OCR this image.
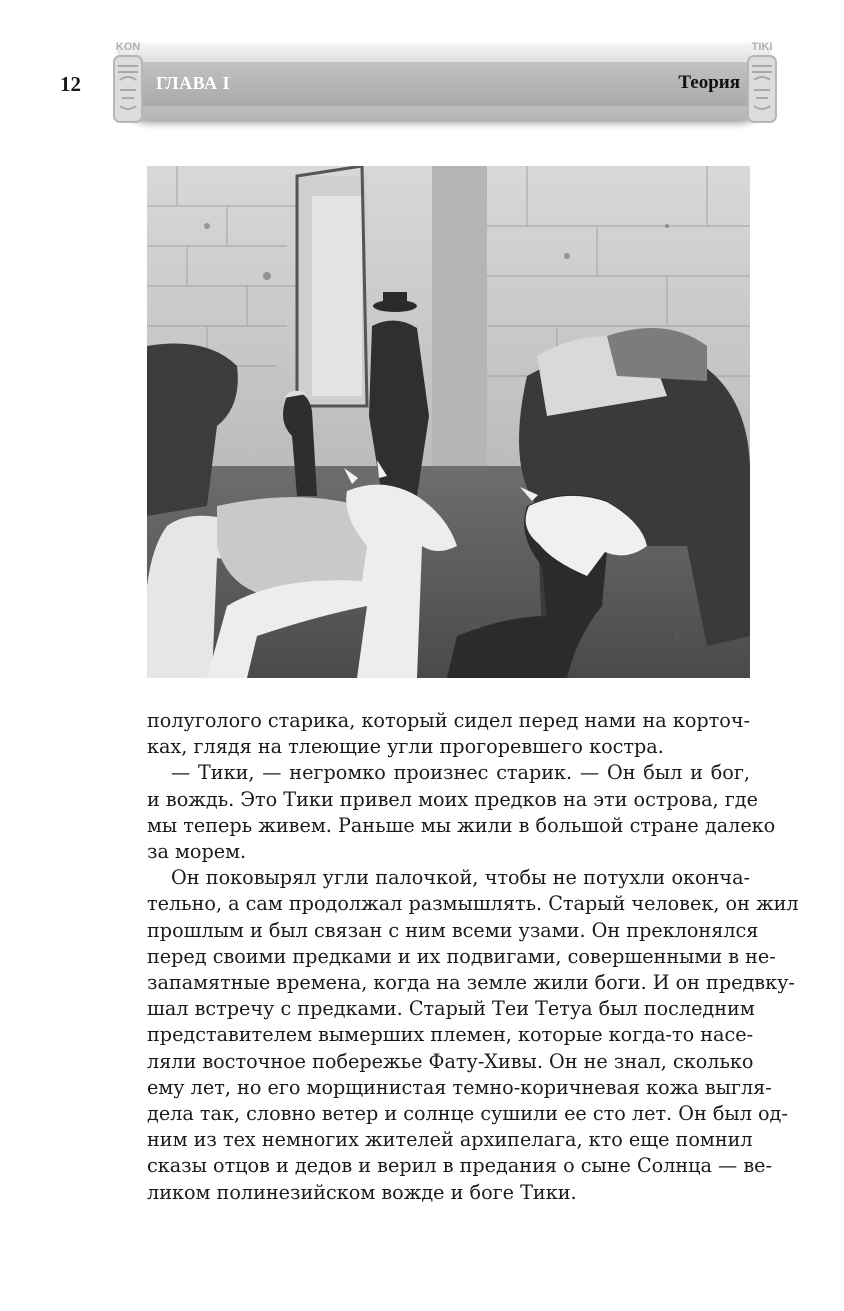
KON	TIKI
12	ГЛАВА I	Теория

полуголого старика, который сидел перед нами на корточ-
ках, глядя на тлеющие угли прогоревшего костра.

— Тики, — негромко произнес старик. — Он был и бог,
и вождь. Это Тики привел моих предков на эти острова, где
мы теперь живем. Раньше мы жили в большой стране далеко
за морем.

Он поковырял угли палочкой, чтобы не потухли оконча-
тельно, а сам продолжал размышлять. Старый человек, он жил
прошлым и был связан с ним всеми узами. Он преклонялся
перед своими предками и их подвигами, совершенными в не-
запамятные времена, когда на земле жили боги. И он предвку-
шал встречу с предками. Старый Теи Тетуа был последним
представителем вымерших племен, которые когда-то насе-
ляли восточное побережье Фату-Хивы. Он не знал, сколько
ему лет, но его морщинистая темно-коричневая кожа выгля-
дела так, словно ветер и солнце сушили ее сто лет. Он был од-
ним из тех немногих жителей архипелага, кто еще помнил
сказы отцов и дедов и верил в предания о сыне Солнца — ве-
ликом полинезийском вожде и боге Тики.
